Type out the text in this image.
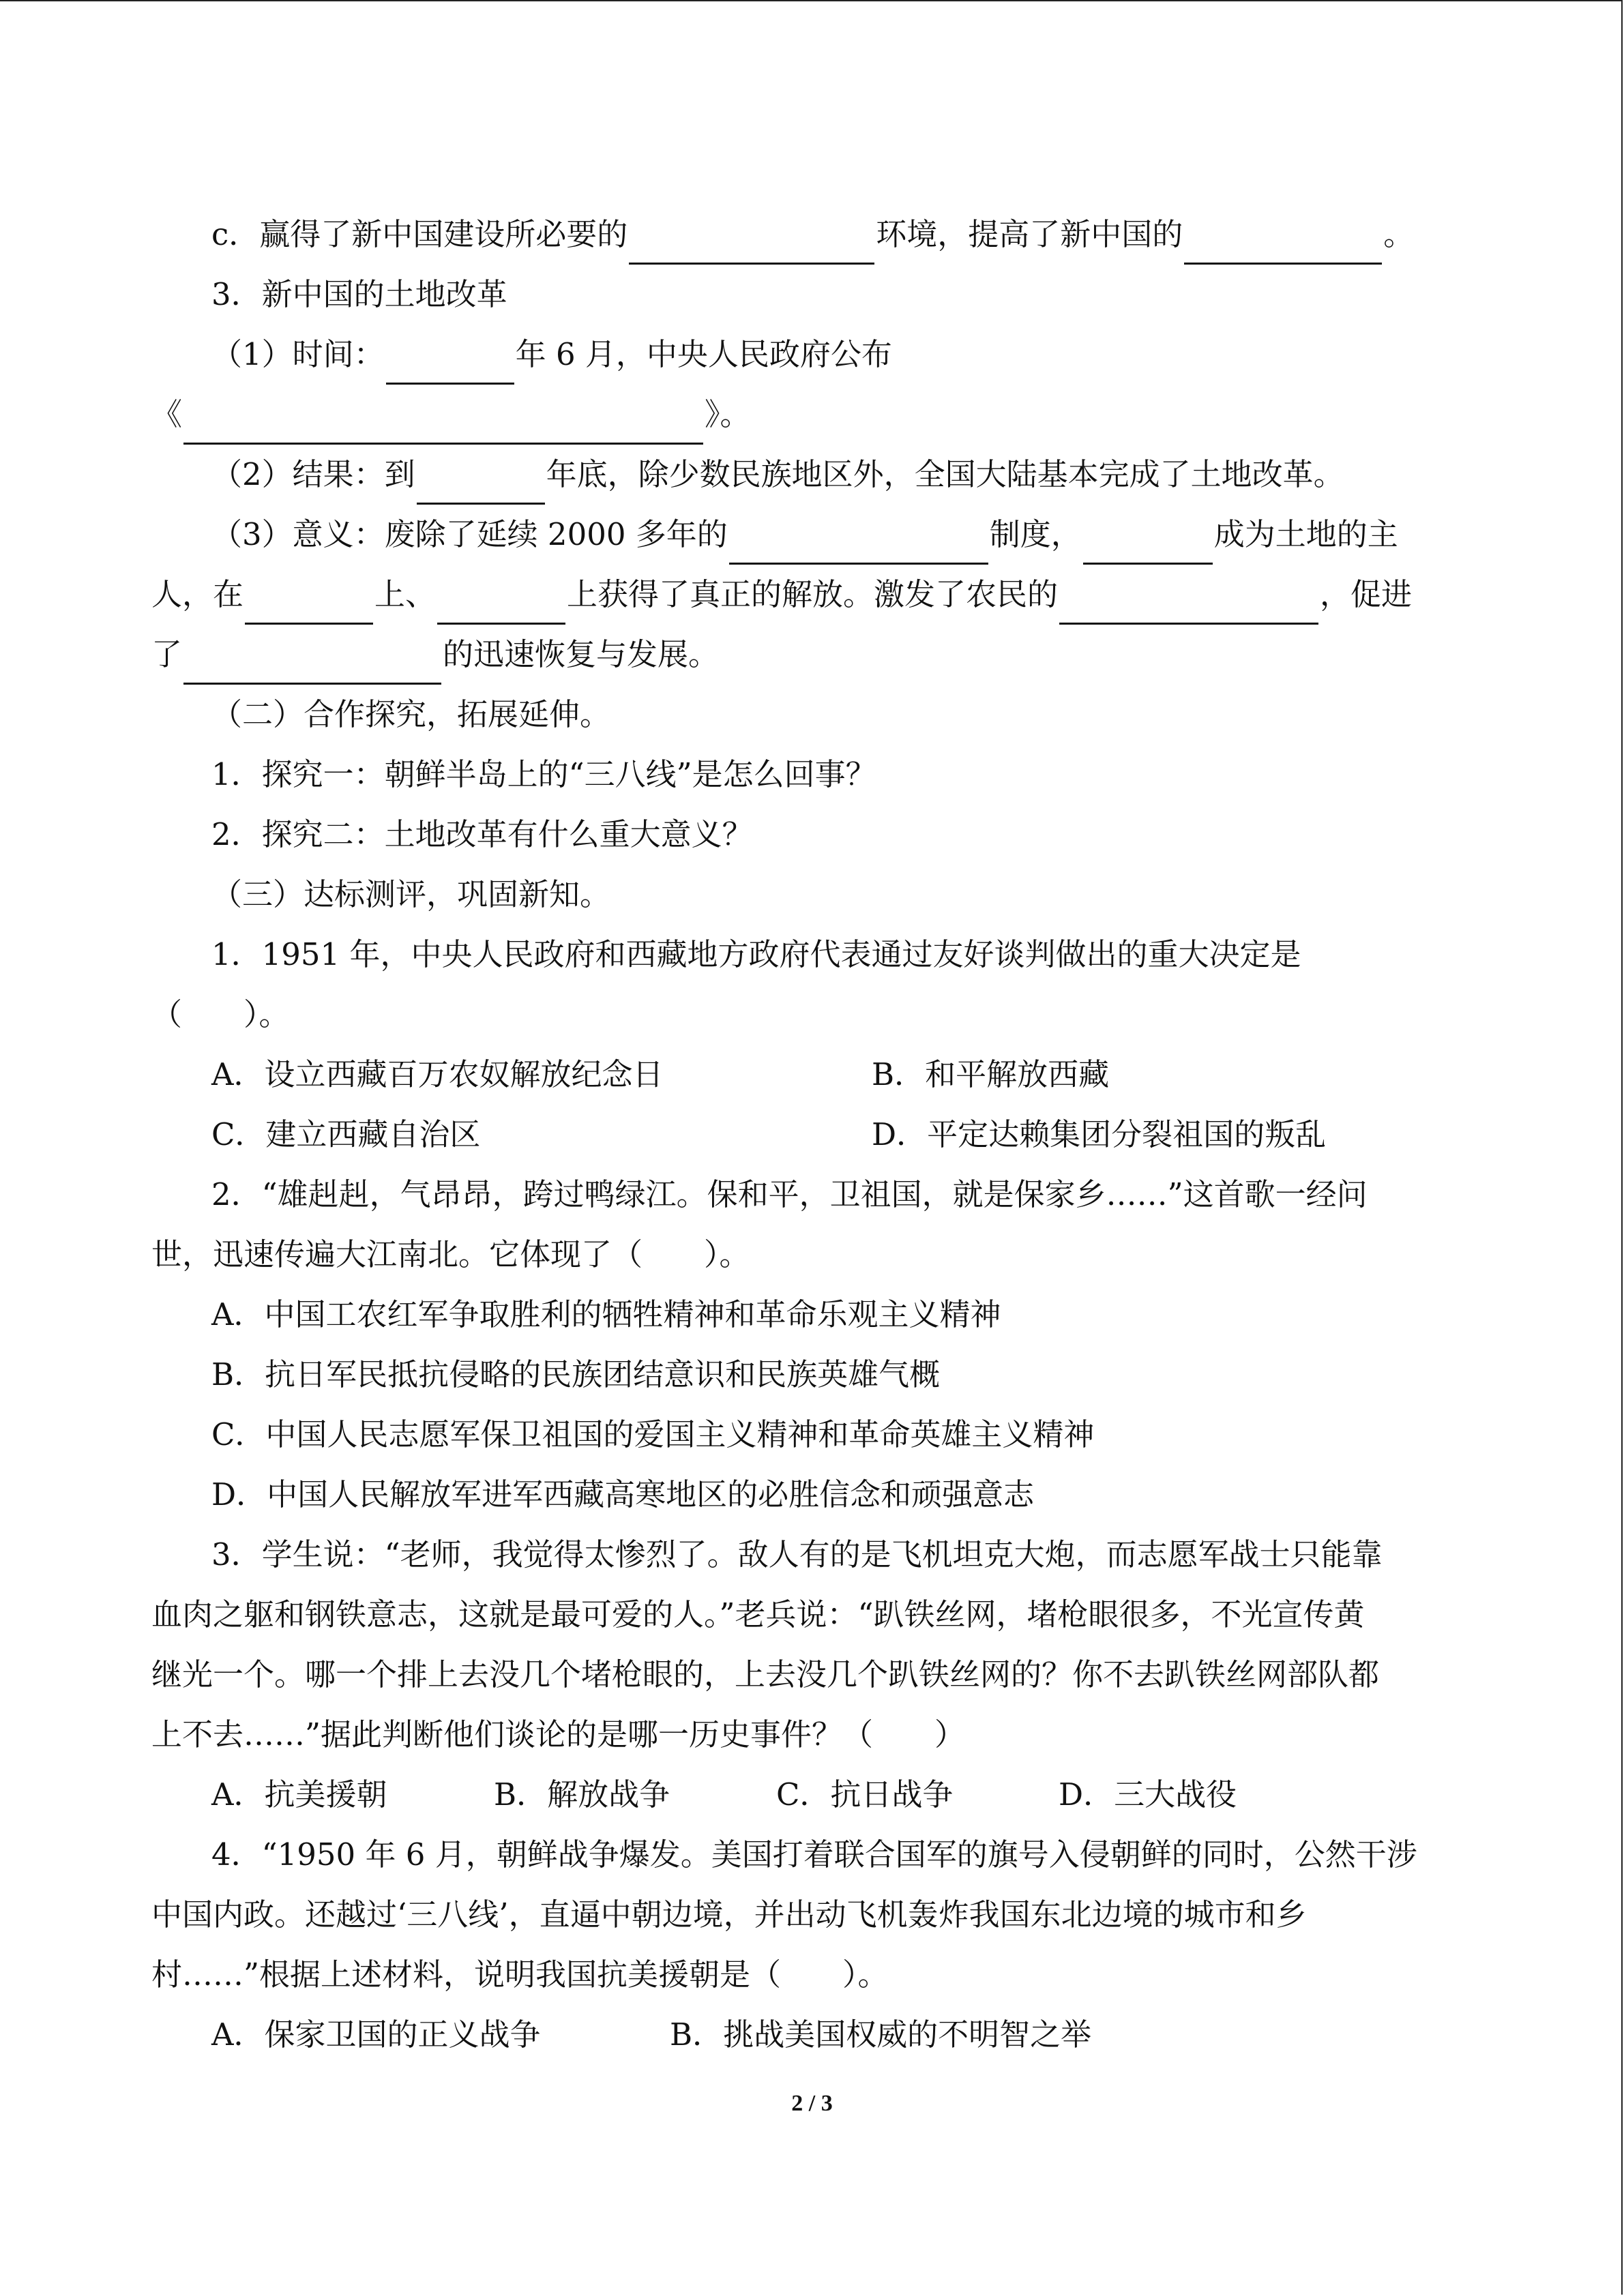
c．赢得了新中国建设所必要的	环境，提高了新中国的	。
3．新中国的土地改革
（1）时间：	年 6 月，中央人民政府公布
《	》。
（2）结果：到	年底，除少数民族地区外，全国大陆基本完成了土地改革。
（3）意义：废除了延续 2000 多年的	制度，	成为土地的主
人，在	上、	上获得了真正的解放。激发了农民的	，促进
了	的迅速恢复与发展。
（二）合作探究，拓展延伸。
1．探究一：朝鲜半岛上的“三八线”是怎么回事？
2．探究二：土地改革有什么重大意义？
（三）达标测评，巩固新知。
1．1951 年，中央人民政府和西藏地方政府代表通过友好谈判做出的重大决定是
（　　）。
A．设立西藏百万农奴解放纪念日	B．和平解放西藏
C．建立西藏自治区	D．平定达赖集团分裂祖国的叛乱
2．“雄赳赳，气昂昂，跨过鸭绿江。保和平，卫祖国，就是保家乡……”这首歌一经问
世，迅速传遍大江南北。它体现了（　　）。
A．中国工农红军争取胜利的牺牲精神和革命乐观主义精神
B．抗日军民抵抗侵略的民族团结意识和民族英雄气概
C．中国人民志愿军保卫祖国的爱国主义精神和革命英雄主义精神
D．中国人民解放军进军西藏高寒地区的必胜信念和顽强意志
3．学生说：“老师，我觉得太惨烈了。敌人有的是飞机坦克大炮，而志愿军战士只能靠
血肉之躯和钢铁意志，这就是最可爱的人。”老兵说：“趴铁丝网，堵枪眼很多，不光宣传黄
继光一个。哪一个排上去没几个堵枪眼的，上去没几个趴铁丝网的？你不去趴铁丝网部队都
上不去……”据此判断他们谈论的是哪一历史事件？（　　）
A．抗美援朝	B．解放战争	C．抗日战争	D．三大战役
4．“1950 年 6 月，朝鲜战争爆发。美国打着联合国军的旗号入侵朝鲜的同时，公然干涉
中国内政。还越过‘三八线’，直逼中朝边境，并出动飞机轰炸我国东北边境的城市和乡
村……”根据上述材料，说明我国抗美援朝是（　　）。
A．保家卫国的正义战争	B．挑战美国权威的不明智之举
2 / 3
